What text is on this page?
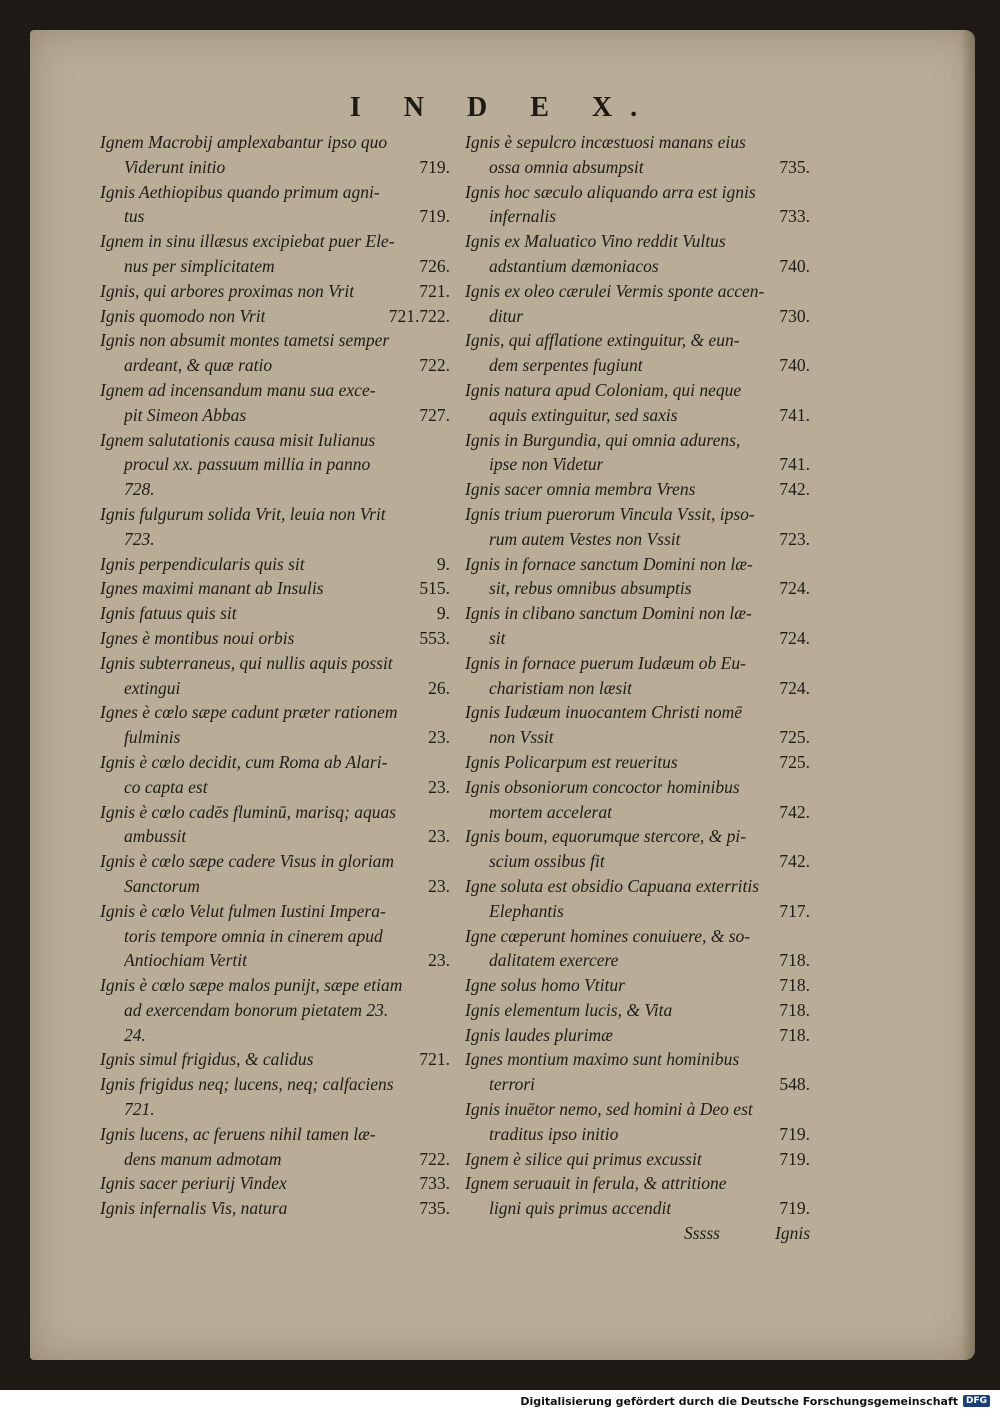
I N D E X.
Ignem Macrobij amplexabantur ipso quo
Viderunt initio	719.
Ignis Aethiopibus quando primum agni-
tus	719.
Ignem in sinu illæsus excipiebat puer Ele-
nus per simplicitatem	726.
Ignis, qui arbores proximas non Vrit	721.
Ignis quomodo non Vrit	721.722.
Ignis non absumit montes tametsi semper
ardeant, & quæ ratio	722.
Ignem ad incensandum manu sua exce-
pit Simeon Abbas	727.
Ignem salutationis causa misit Iulianus
procul xx. passuum millia in panno
728.
Ignis fulgurum solida Vrit, leuia non Vrit
723.
Ignis perpendicularis quis sit	9.
Ignes maximi manant ab Insulis	515.
Ignis fatuus quis sit	9.
Ignes è montibus noui orbis	553.
Ignis subterraneus, qui nullis aquis possit
extingui	26.
Ignes è cœlo sæpe cadunt præter rationem
fulminis	23.
Ignis è cœlo decidit, cum Roma ab Alari-
co capta est	23.
Ignis è cœlo cadēs fluminū, marisq; aquas
ambussit	23.
Ignis è cœlo sæpe cadere Visus in gloriam
Sanctorum	23.
Ignis è cœlo Velut fulmen Iustini Impera-
toris tempore omnia in cinerem apud
Antiochiam Vertit	23.
Ignis è cœlo sæpe malos punijt, sæpe etiam
ad exercendam bonorum pietatem 23.
24.
Ignis simul frigidus, & calidus	721.
Ignis frigidus neq; lucens, neq; calfaciens
721.
Ignis lucens, ac feruens nihil tamen læ-
dens manum admotam	722.
Ignis sacer periurij Vindex	733.
Ignis infernalis Vis, natura	735.
Ignis è sepulcro incæstuosi manans eius
ossa omnia absumpsit	735.
Ignis hoc sæculo aliquando arra est ignis
infernalis	733.
Ignis ex Maluatico Vino reddit Vultus
adstantium dæmoniacos	740.
Ignis ex oleo cærulei Vermis sponte accen-
ditur	730.
Ignis, qui afflatione extinguitur, & eun-
dem serpentes fugiunt	740.
Ignis natura apud Coloniam, qui neque
aquis extinguitur, sed saxis	741.
Ignis in Burgundia, qui omnia adurens,
ipse non Videtur	741.
Ignis sacer omnia membra Vrens	742.
Ignis trium puerorum Vincula Vssit, ipso-
rum autem Vestes non Vssit	723.
Ignis in fornace sanctum Domini non læ-
sit, rebus omnibus absumptis	724.
Ignis in clibano sanctum Domini non læ-
sit	724.
Ignis in fornace puerum Iudæum ob Eu-
charistiam non læsit	724.
Ignis Iudæum inuocantem Christi nomē
non Vssit	725.
Ignis Policarpum est reueritus	725.
Ignis obsoniorum concoctor hominibus
mortem accelerat	742.
Ignis boum, equorumque stercore, & pi-
scium ossibus fit	742.
Igne soluta est obsidio Capuana exterritis
Elephantis	717.
Igne cœperunt homines conuiuere, & so-
dalitatem exercere	718.
Igne solus homo Vtitur	718.
Ignis elementum lucis, & Vita	718.
Ignis laudes plurimæ	718.
Ignes montium maximo sunt hominibus
terrori	548.
Ignis inuētor nemo, sed homini à Deo est
traditus ipso initio	719.
Ignem è silice qui primus excussit	719.
Ignem seruauit in ferula, & attritione
ligni quis primus accendit	719.
Sssss	Ignis
Digitalisierung gefördert durch die Deutsche Forschungsgemeinschaft DFG
